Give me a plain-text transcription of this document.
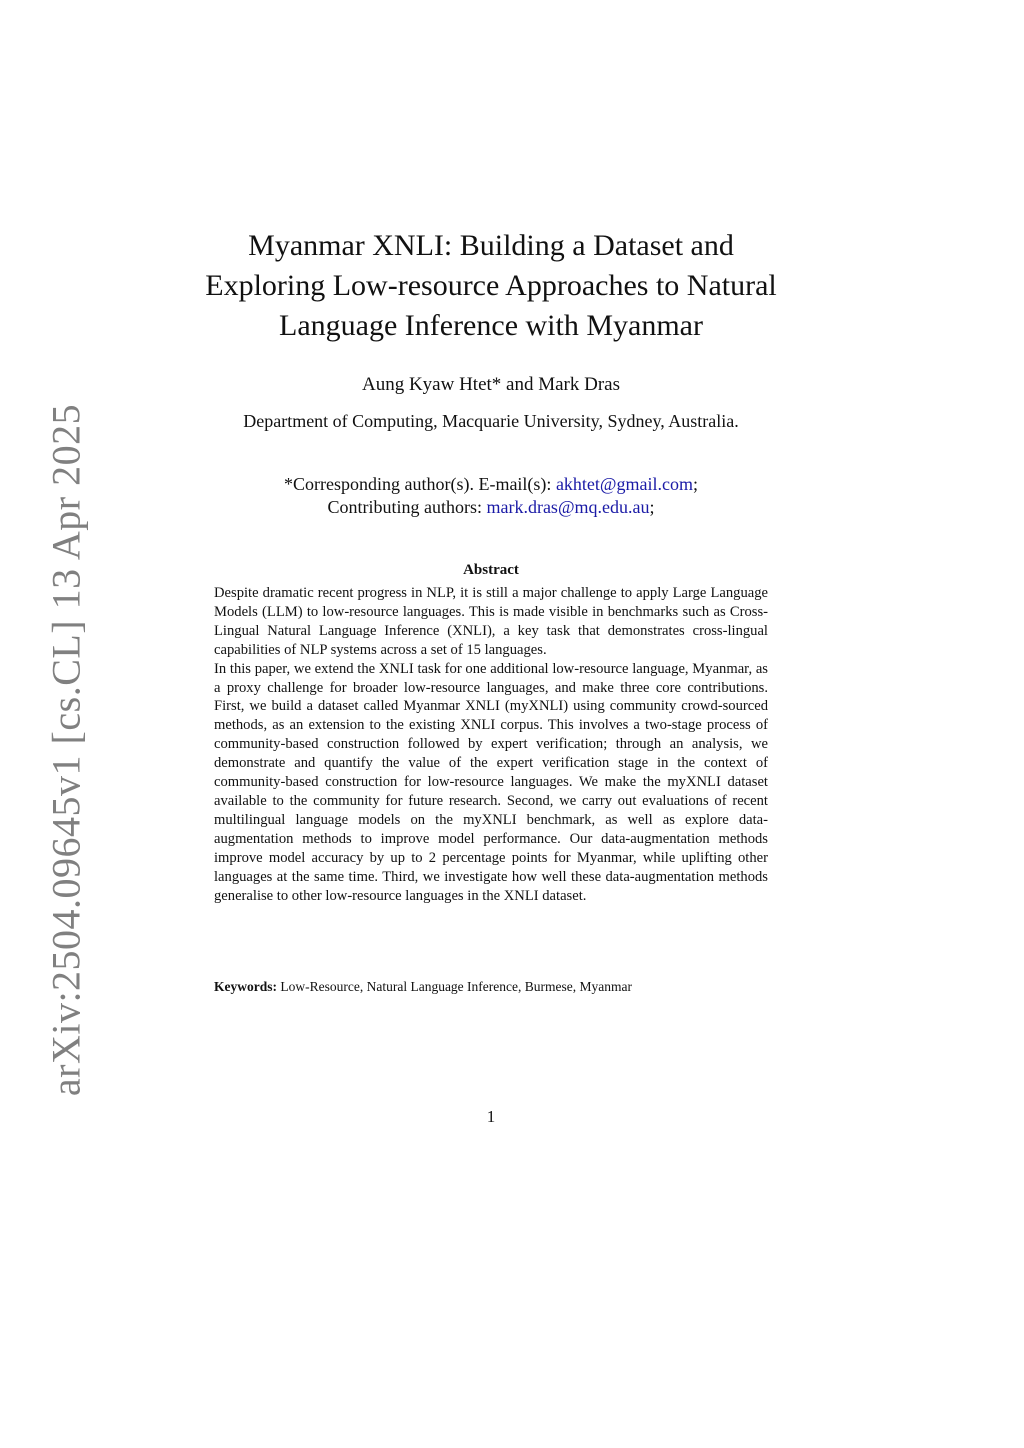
arXiv:2504.09645v1 [cs.CL] 13 Apr 2025
Myanmar XNLI: Building a Dataset and
Exploring Low-resource Approaches to Natural
Language Inference with Myanmar
Aung Kyaw Htet* and Mark Dras
Department of Computing, Macquarie University, Sydney, Australia.
*Corresponding author(s). E-mail(s): akhtet@gmail.com;
Contributing authors: mark.dras@mq.edu.au;
Abstract

Despite dramatic recent progress in NLP, it is still a major challenge to apply Large Language Models (LLM) to low-resource languages. This is made visible in benchmarks such as Cross-Lingual Natural Language Inference (XNLI), a key task that demonstrates cross-lingual capabilities of NLP systems across a set of 15 languages.

In this paper, we extend the XNLI task for one additional low-resource language, Myanmar, as a proxy challenge for broader low-resource languages, and make three core contributions. First, we build a dataset called Myanmar XNLI (myXNLI) using community crowd-sourced methods, as an extension to the existing XNLI corpus. This involves a two-stage process of community-based construction followed by expert verification; through an analysis, we demonstrate and quantify the value of the expert verification stage in the context of community-based construction for low-resource languages. We make the myXNLI dataset available to the community for future research. Second, we carry out evaluations of recent multilingual language models on the myXNLI benchmark, as well as explore data-augmentation methods to improve model performance. Our data-augmentation methods improve model accuracy by up to 2 percentage points for Myanmar, while uplifting other languages at the same time. Third, we investigate how well these data-augmentation methods generalise to other low-resource languages in the XNLI dataset.

Keywords: Low-Resource, Natural Language Inference, Burmese, Myanmar
1
